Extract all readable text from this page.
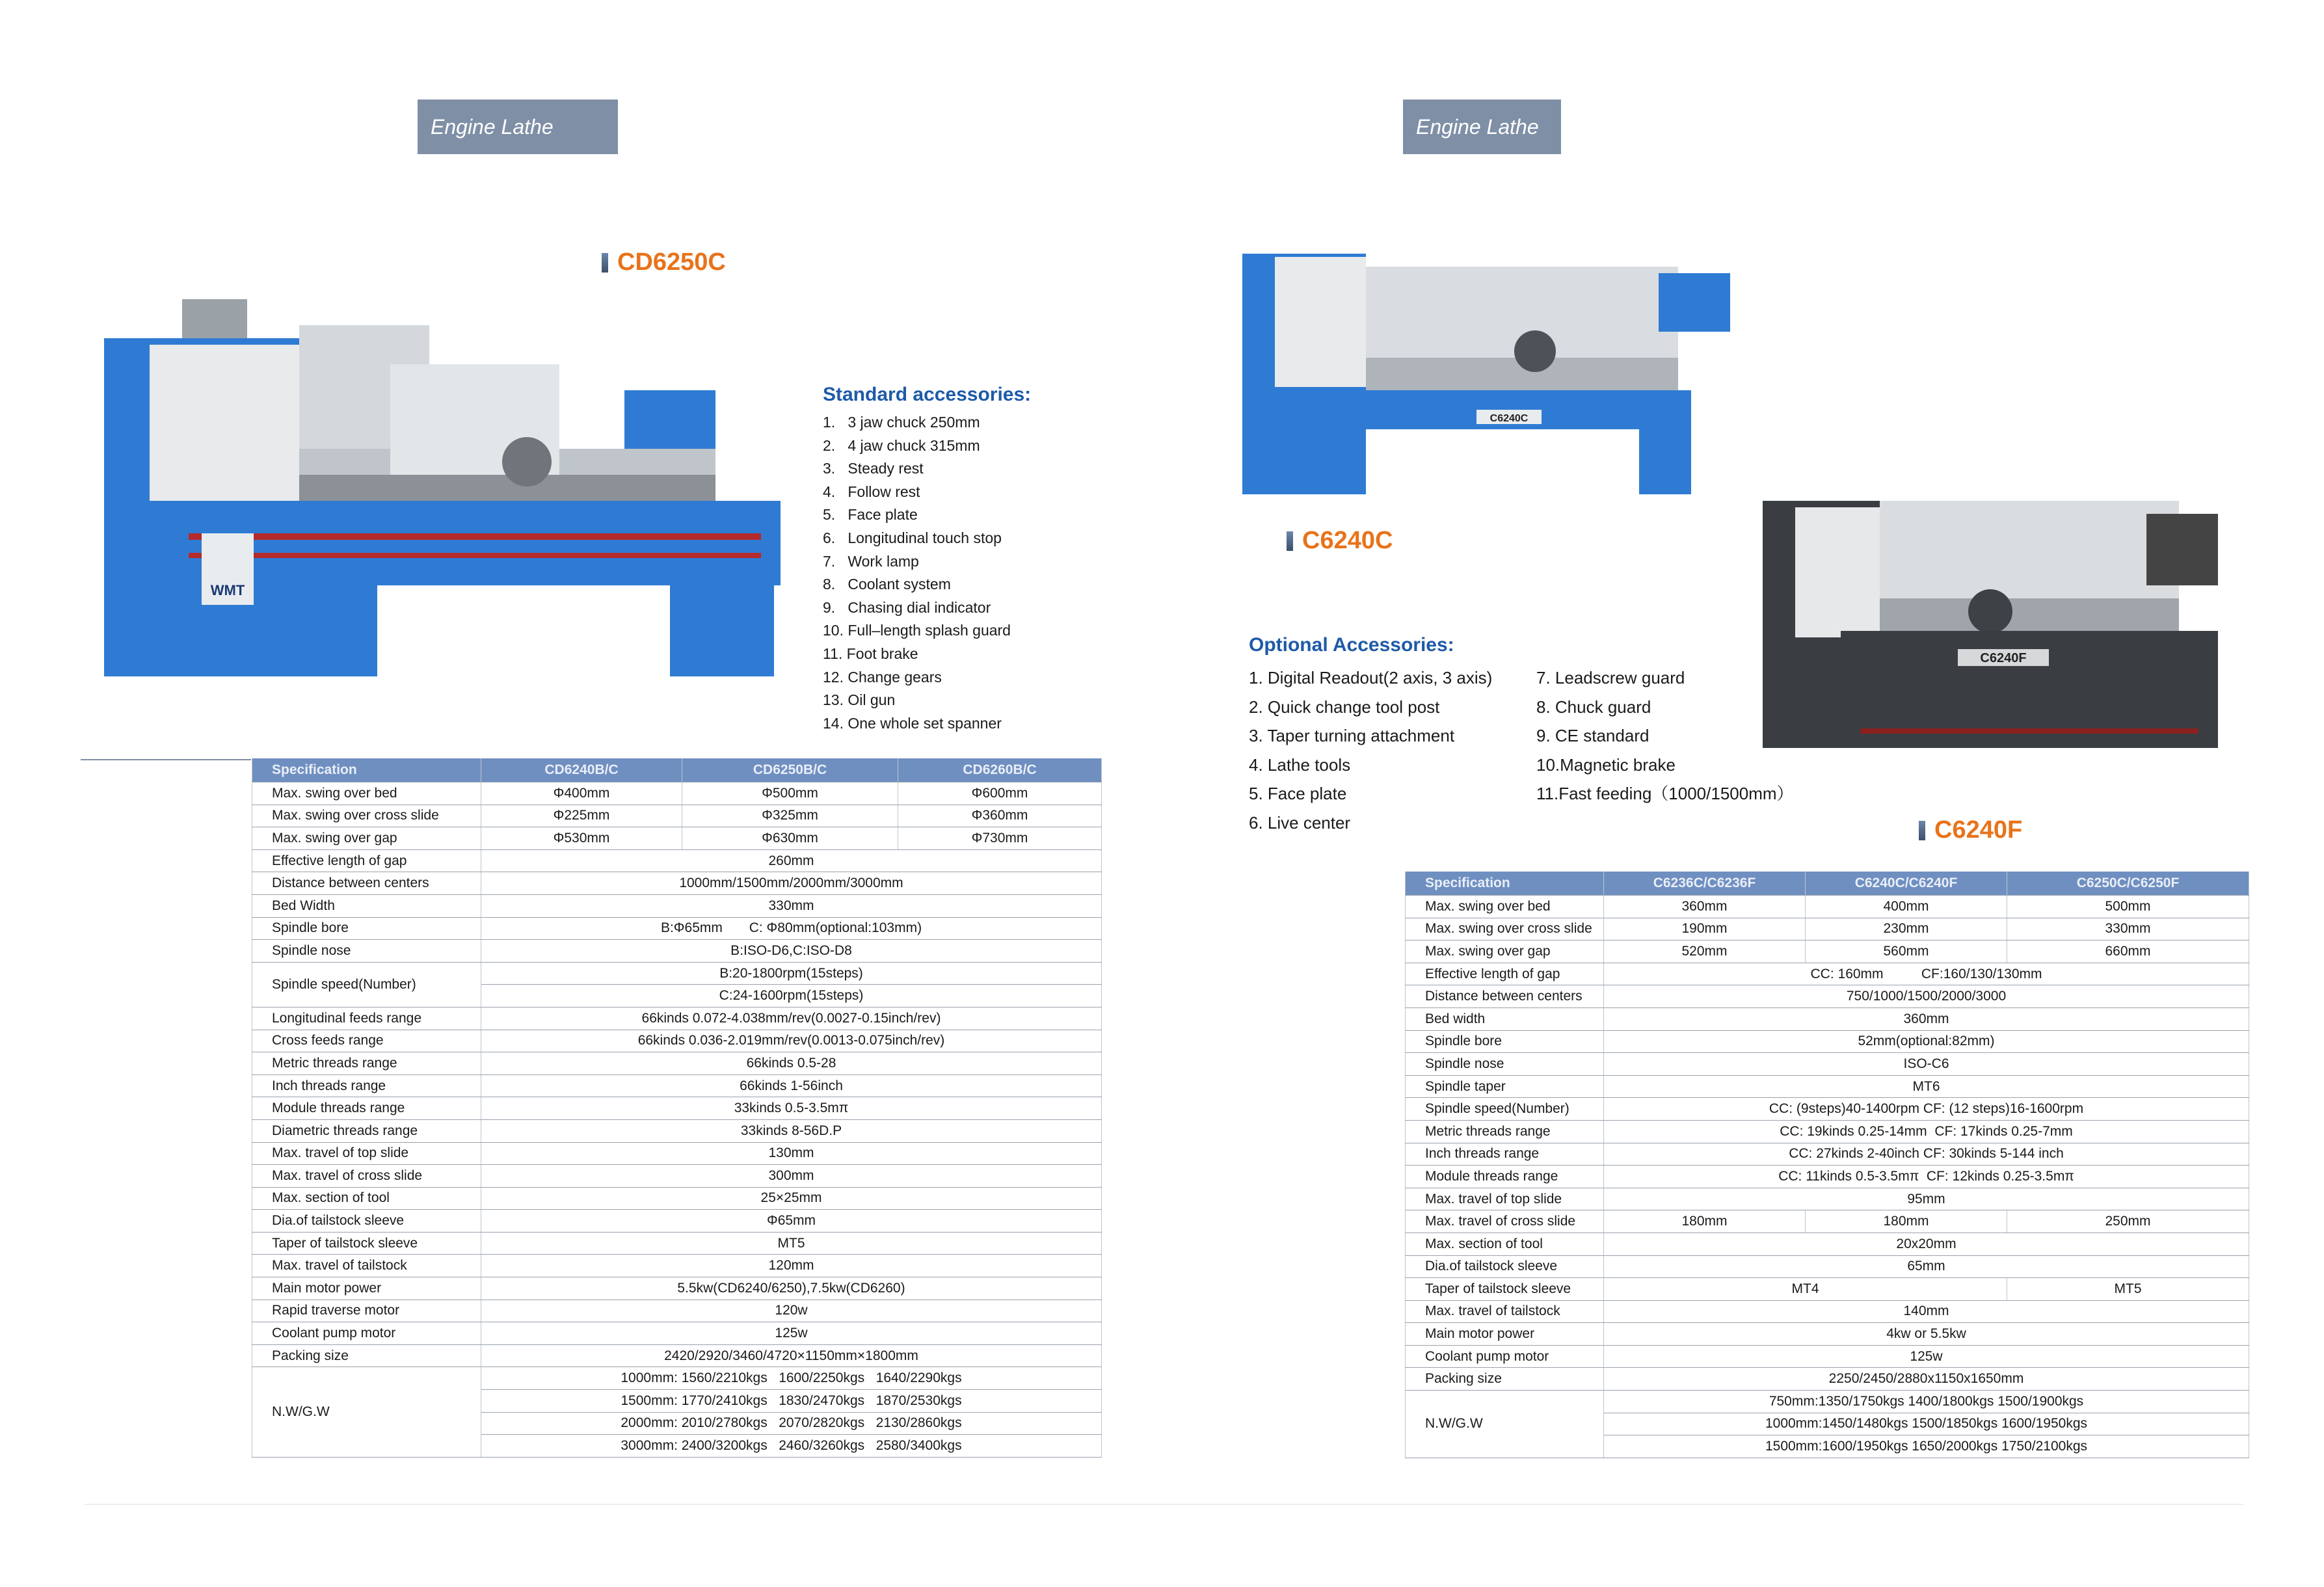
Engine Lathe
CD6250C
WMT
Standard accessories:
1.   3 jaw chuck 250mm
2.   4 jaw chuck 315mm
3.   Steady rest
4.   Follow rest
5.   Face plate
6.   Longitudinal touch stop
7.   Work lamp
8.   Coolant system
9.   Chasing dial indicator
10. Full–length splash guard
11. Foot brake
12. Change gears
13. Oil gun
14. One whole set spanner
Specification	CD6240B/C	CD6250B/C	CD6260B/C
Max. swing over bed	Φ400mm	Φ500mm	Φ600mm
Max. swing over cross slide	Φ225mm	Φ325mm	Φ360mm
Max. swing over gap	Φ530mm	Φ630mm	Φ730mm
Effective length of gap	260mm		
Distance between centers	1000mm/1500mm/2000mm/3000mm		
Bed Width	330mm		
Spindle bore	B:Φ65mm       C: Φ80mm(optional:103mm)		
Spindle nose	B:ISO-D6,C:ISO-D8		
Spindle speed(Number)	B:20-1800rpm(15steps)		
	C:24-1600rpm(15steps)		
Longitudinal feeds range	66kinds 0.072-4.038mm/rev(0.0027-0.15inch/rev)		
Cross feeds range	66kinds 0.036-2.019mm/rev(0.0013-0.075inch/rev)		
Metric threads range	66kinds 0.5-28		
Inch threads range	66kinds 1-56inch		
Module threads range	33kinds 0.5-3.5mπ		
Diametric threads range	33kinds 8-56D.P		
Max. travel of top slide	130mm		
Max. travel of cross slide	300mm		
Max. section of tool	25×25mm		
Dia.of tailstock sleeve	Φ65mm		
Taper of tailstock sleeve	MT5		
Max. travel of tailstock	120mm		
Main motor power	5.5kw(CD6240/6250),7.5kw(CD6260)		
Rapid traverse motor	120w		
Coolant pump motor	125w		
Packing size	2420/2920/3460/4720×1150mm×1800mm		
N.W/G.W	1000mm: 1560/2210kgs   1600/2250kgs   1640/2290kgs		
	1500mm: 1770/2410kgs   1830/2470kgs   1870/2530kgs		
	2000mm: 2010/2780kgs   2070/2820kgs   2130/2860kgs		
	3000mm: 2400/3200kgs   2460/3260kgs   2580/3400kgs		
Engine Lathe
C6240C
C6240C
C6240F
Optional Accessories:
1. Digital Readout(2 axis, 3 axis)
2. Quick change tool post
3. Taper turning attachment
4. Lathe tools
5. Face plate
6. Live center
7. Leadscrew guard
8. Chuck guard
9. CE standard
10.Magnetic brake
11.Fast feeding（1000/1500mm）
C6240F
Specification	C6236C/C6236F	C6240C/C6240F	C6250C/C6250F
Max. swing over bed	360mm	400mm	500mm
Max. swing over cross slide	190mm	230mm	330mm
Max. swing over gap	520mm	560mm	660mm
Effective length of gap	CC: 160mm          CF:160/130/130mm		
Distance between centers	750/1000/1500/2000/3000		
Bed width	360mm		
Spindle bore	52mm(optional:82mm)		
Spindle nose	ISO-C6		
Spindle taper	MT6		
Spindle speed(Number)	CC: (9steps)40-1400rpm CF: (12 steps)16-1600rpm		
Metric threads range	CC: 19kinds 0.25-14mm  CF: 17kinds 0.25-7mm		
Inch threads range	CC: 27kinds 2-40inch CF: 30kinds 5-144 inch		
Module threads range	CC: 11kinds 0.5-3.5mπ  CF: 12kinds 0.25-3.5mπ		
Max. travel of top slide	95mm		
Max. travel of cross slide	180mm	180mm	250mm
Max. section of tool	20x20mm		
Dia.of tailstock sleeve	65mm		
Taper of tailstock sleeve	MT4		MT5
Max. travel of tailstock	140mm		
Main motor power	4kw or 5.5kw		
Coolant pump motor	125w		
Packing size	2250/2450/2880x1150x1650mm		
N.W/G.W	750mm:1350/1750kgs 1400/1800kgs 1500/1900kgs		
	1000mm:1450/1480kgs 1500/1850kgs 1600/1950kgs		
	1500mm:1600/1950kgs 1650/2000kgs 1750/2100kgs		
